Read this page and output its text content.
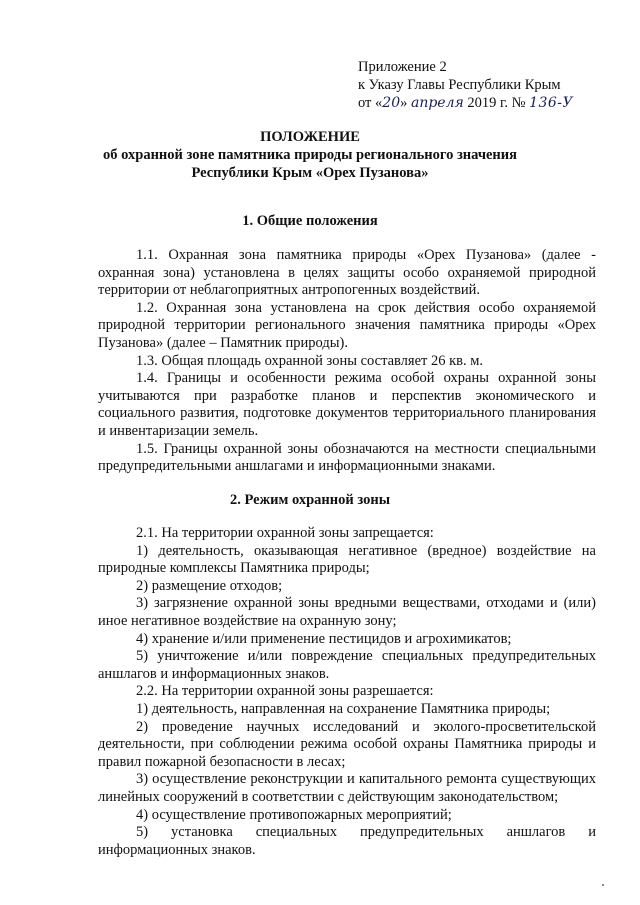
Приложение 2
к Указу Главы Республики Крым
от «20» апреля 2019 г. № 136-У
ПОЛОЖЕНИЕ
об охранной зоне памятника природы регионального значения
Республики Крым «Орех Пузанова»
1. Общие положения

1.1. Охранная зона памятника природы «Орех Пузанова» (далее - охранная зона) установлена в целях защиты особо охраняемой природной территории от неблагоприятных антропогенных воздействий.

1.2. Охранная зона установлена на срок действия особо охраняемой природной территории регионального значения памятника природы «Орех Пузанова» (далее – Памятник природы).

1.3. Общая площадь охранной зоны составляет 26 кв. м.

1.4. Границы и особенности режима особой охраны охранной зоны учитываются при разработке планов и перспектив экономического и социального развития, подготовке документов территориального планирования и инвентаризации земель.

1.5. Границы охранной зоны обозначаются на местности специальными предупредительными аншлагами и информационными знаками.

2. Режим охранной зоны

2.1. На территории охранной зоны запрещается:

1) деятельность, оказывающая негативное (вредное) воздействие на природные комплексы Памятника природы;

2) размещение отходов;

3) загрязнение охранной зоны вредными веществами, отходами и (или) иное негативное воздействие на охранную зону;

4) хранение и/или применение пестицидов и агрохимикатов;

5) уничтожение и/или повреждение специальных предупредительных аншлагов и информационных знаков.

2.2. На территории охранной зоны разрешается:

1) деятельность, направленная на сохранение Памятника природы;

2) проведение научных исследований и эколого-просветительской деятельности, при соблюдении режима особой охраны Памятника природы и правил пожарной безопасности в лесах;

3) осуществление реконструкции и капитального ремонта существующих линейных сооружений в соответствии с действующим законодательством;

4) осуществление противопожарных мероприятий;

5) установка специальных предупредительных аншлагов и информационных знаков.
